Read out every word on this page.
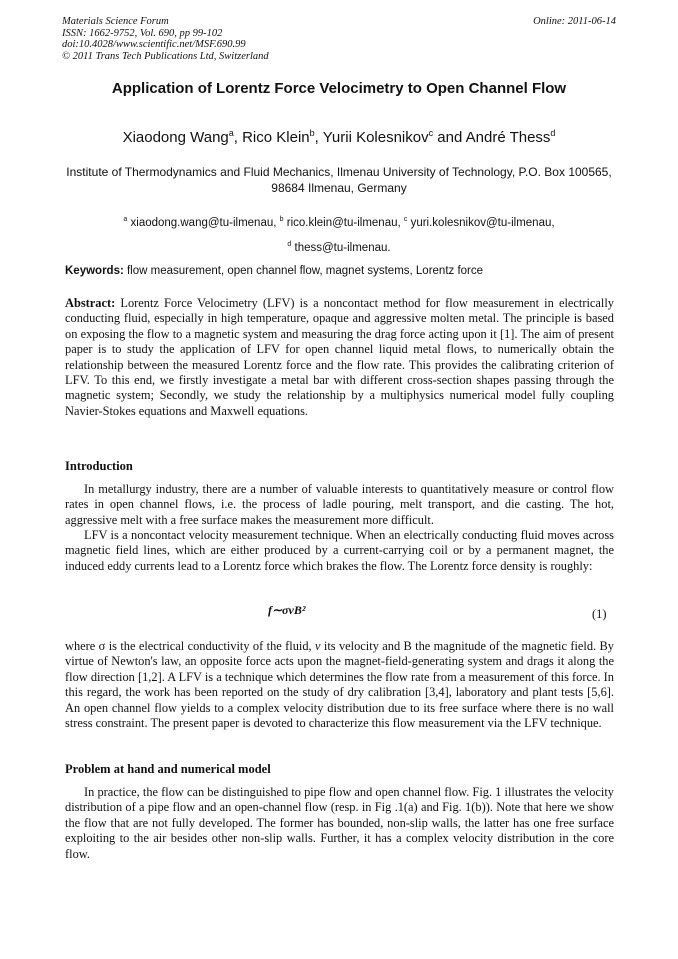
Materials Science Forum
ISSN: 1662-9752, Vol. 690, pp 99-102
doi:10.4028/www.scientific.net/MSF.690.99
© 2011 Trans Tech Publications Ltd, Switzerland
Online: 2011-06-14
Application of Lorentz Force Velocimetry to Open Channel Flow
Xiaodong Wang$^a$, Rico Klein$^b$, Yurii Kolesnikov$^c$ and André Thess$^d$
Institute of Thermodynamics and Fluid Mechanics, Ilmenau University of Technology, P.O. Box 100565, 98684 Ilmenau, Germany
$^a$ xiaodong.wang@tu-ilmenau, $^b$ rico.klein@tu-ilmenau, $^c$ yuri.kolesnikov@tu-ilmenau,
$^d$ thess@tu-ilmenau.
Keywords: flow measurement, open channel flow, magnet systems, Lorentz force
Abstract: Lorentz Force Velocimetry (LFV) is a noncontact method for flow measurement in electrically conducting fluid, especially in high temperature, opaque and aggressive molten metal. The principle is based on exposing the flow to a magnetic system and measuring the drag force acting upon it [1]. The aim of present paper is to study the application of LFV for open channel liquid metal flows, to numerically obtain the relationship between the measured Lorentz force and the flow rate. This provides the calibrating criterion of LFV. To this end, we firstly investigate a metal bar with different cross-section shapes passing through the magnetic system; Secondly, we study the relationship by a multiphysics numerical model fully coupling Navier-Stokes equations and Maxwell equations.
Introduction
In metallurgy industry, there are a number of valuable interests to quantitatively measure or control flow rates in open channel flows, i.e. the process of ladle pouring, melt transport, and die casting. The hot, aggressive melt with a free surface makes the measurement more difficult.
LFV is a noncontact velocity measurement technique. When an electrically conducting fluid moves across magnetic field lines, which are either produced by a current-carrying coil or by a permanent magnet, the induced eddy currents lead to a Lorentz force which brakes the flow. The Lorentz force density is roughly:
f∼σvB²	(1)
where σ is the electrical conductivity of the fluid, v its velocity and B the magnitude of the magnetic field. By virtue of Newton's law, an opposite force acts upon the magnet-field-generating system and drags it along the flow direction [1,2]. A LFV is a technique which determines the flow rate from a measurement of this force. In this regard, the work has been reported on the study of dry calibration [3,4], laboratory and plant tests [5,6]. An open channel flow yields to a complex velocity distribution due to its free surface where there is no wall stress constraint. The present paper is devoted to characterize this flow measurement via the LFV technique.
Problem at hand and numerical model
In practice, the flow can be distinguished to pipe flow and open channel flow. Fig. 1 illustrates the velocity distribution of a pipe flow and an open-channel flow (resp. in Fig .1(a) and Fig. 1(b)). Note that here we show the flow that are not fully developed. The former has bounded, non-slip walls, the latter has one free surface exploiting to the air besides other non-slip walls. Further, it has a complex velocity distribution in the core flow.
